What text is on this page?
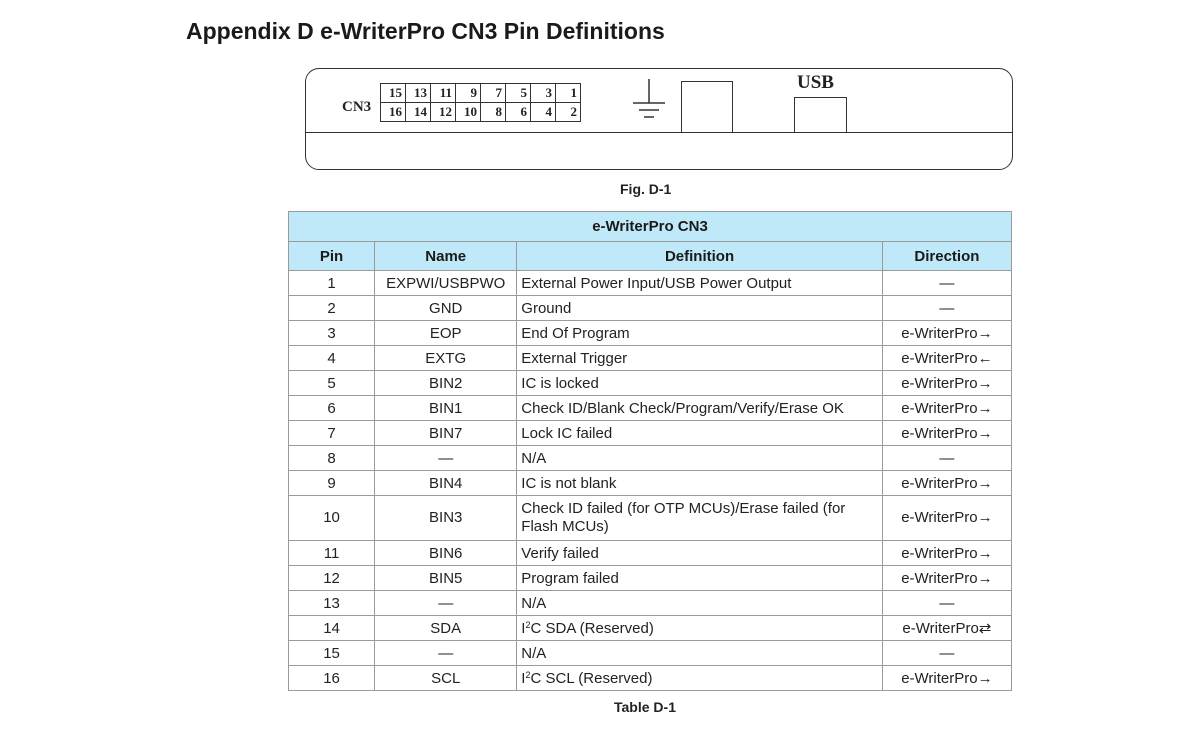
Appendix D e-WriterPro CN3 Pin Definitions
CN3
15	13	11	9	7	5	3	1
16	14	12	10	8	6	4	2
USB
Fig. D-1
e-WriterPro CN3			
Pin	Name	Definition	Direction
1	EXPWI/USBPWO	External Power Input/USB Power Output	—
2	GND	Ground	—
3	EOP	End Of Program	e-WriterPro→
4	EXTG	External Trigger	e-WriterPro←
5	BIN2	IC is locked	e-WriterPro→
6	BIN1	Check ID/Blank Check/Program/Verify/Erase OK	e-WriterPro→
7	BIN7	Lock IC failed	e-WriterPro→
8	—	N/A	—
9	BIN4	IC is not blank	e-WriterPro→
10	BIN3	Check ID failed (for OTP MCUs)/Erase failed (for Flash MCUs)	e-WriterPro→
11	BIN6	Verify failed	e-WriterPro→
12	BIN5	Program failed	e-WriterPro→
13	—	N/A	—
14	SDA	$I^2C$ SDA (Reserved)	e-WriterPro⇄
15	—	N/A	—
16	SCL	$I^2C$ SCL (Reserved)	e-WriterPro→
Table D-1
